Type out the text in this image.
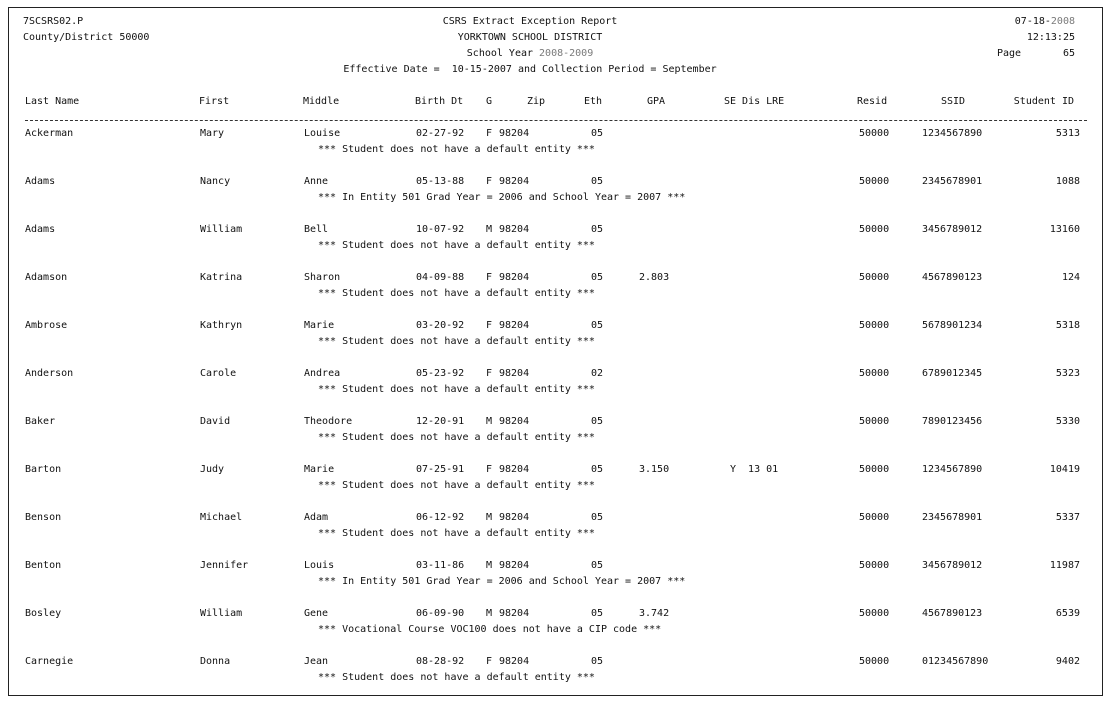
7SCSRS02.P
County/District 50000
CSRS Extract Exception Report
YORKTOWN SCHOOL DISTRICT
School Year 2008-2009
Effective Date =  10-15-2007 and Collection Period = September
07-18-2008
12:13:25
Page	65
Last Name	First	Middle	Birth Dt G	Zip	Eth	GPA	SE Dis LRE	Resid	SSID	Student ID
Ackerman	Mary	Louise	02-27-92 F 98204	05	50000	1234567890	5313
*** Student does not have a default entity ***
Adams	Nancy	Anne	05-13-88 F 98204	05	50000	2345678901	1088
*** In Entity 501 Grad Year = 2006 and School Year = 2007 ***
Adams	William	Bell	10-07-92 M 98204	05	50000	3456789012	13160
*** Student does not have a default entity ***
Adamson	Katrina	Sharon	04-09-88 F 98204	05	2.803	50000	4567890123	124
*** Student does not have a default entity ***
Ambrose	Kathryn	Marie	03-20-92 F 98204	05	50000	5678901234	5318
*** Student does not have a default entity ***
Anderson	Carole	Andrea	05-23-92 F 98204	02	50000	6789012345	5323
*** Student does not have a default entity ***
Baker	David	Theodore	12-20-91 M 98204	05	50000	7890123456	5330
*** Student does not have a default entity ***
Barton	Judy	Marie	07-25-91 F 98204	05	3.150	Y  13 01	50000	1234567890	10419
*** Student does not have a default entity ***
Benson	Michael	Adam	06-12-92 M 98204	05	50000	2345678901	5337
*** Student does not have a default entity ***
Benton	Jennifer	Louis	03-11-86 M 98204	05	50000	3456789012	11987
*** In Entity 501 Grad Year = 2006 and School Year = 2007 ***
Bosley	William	Gene	06-09-90 M 98204	05	3.742	50000	4567890123	6539
*** Vocational Course VOC100 does not have a CIP code ***
Carnegie	Donna	Jean	08-28-92 F 98204	05	50000	01234567890	9402
*** Student does not have a default entity ***
